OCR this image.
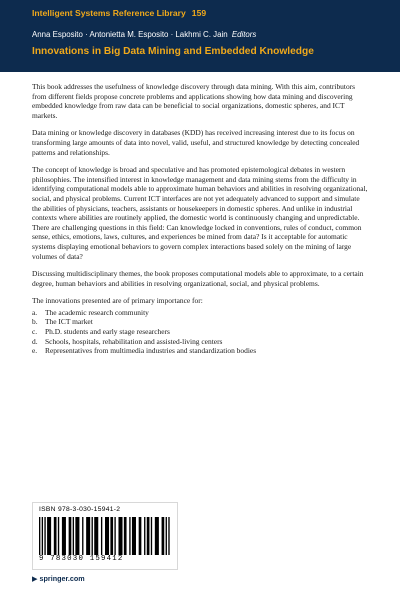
Intelligent Systems Reference Library 159
Anna Esposito · Antonietta M. Esposito · Lakhmi C. Jain Editors
Innovations in Big Data Mining and Embedded Knowledge

This book addresses the usefulness of knowledge discovery through data mining. With this aim, contributors from different fields propose concrete problems and applications showing how data mining and discovering embedded knowledge from raw data can be beneficial to social organizations, domestic spheres, and ICT markets.

Data mining or knowledge discovery in databases (KDD) has received increasing interest due to its focus on transforming large amounts of data into novel, valid, useful, and structured knowledge by detecting concealed patterns and relationships.

The concept of knowledge is broad and speculative and has promoted epistemological debates in western philosophies. The intensified interest in knowledge management and data mining stems from the difficulty in identifying computational models able to approximate human behaviors and abilities in resolving organizational, social, and physical problems. Current ICT interfaces are not yet adequately advanced to support and simulate the abilities of physicians, teachers, assistants or housekeepers in domestic spheres. And unlike in industrial contexts where abilities are routinely applied, the domestic world is continuously changing and unpredictable. There are challenging questions in this field: Can knowledge locked in conventions, rules of conduct, common sense, ethics, emotions, laws, cultures, and experiences be mined from data? Is it acceptable for automatic systems displaying emotional behaviors to govern complex interactions based solely on the mining of large volumes of data?

Discussing multidisciplinary themes, the book proposes computational models able to approximate, to a certain degree, human behaviors and abilities in resolving organizational, social, and physical problems.

The innovations presented are of primary importance for:

a. The academic research community
b. The ICT market
c. Ph.D. students and early stage researchers
d. Schools, hospitals, rehabilitation and assisted-living centers
e. Representatives from multimedia industries and standardization bodies
ISBN 978-3-030-15941-2
9 783030 159412
▶ springer.com
